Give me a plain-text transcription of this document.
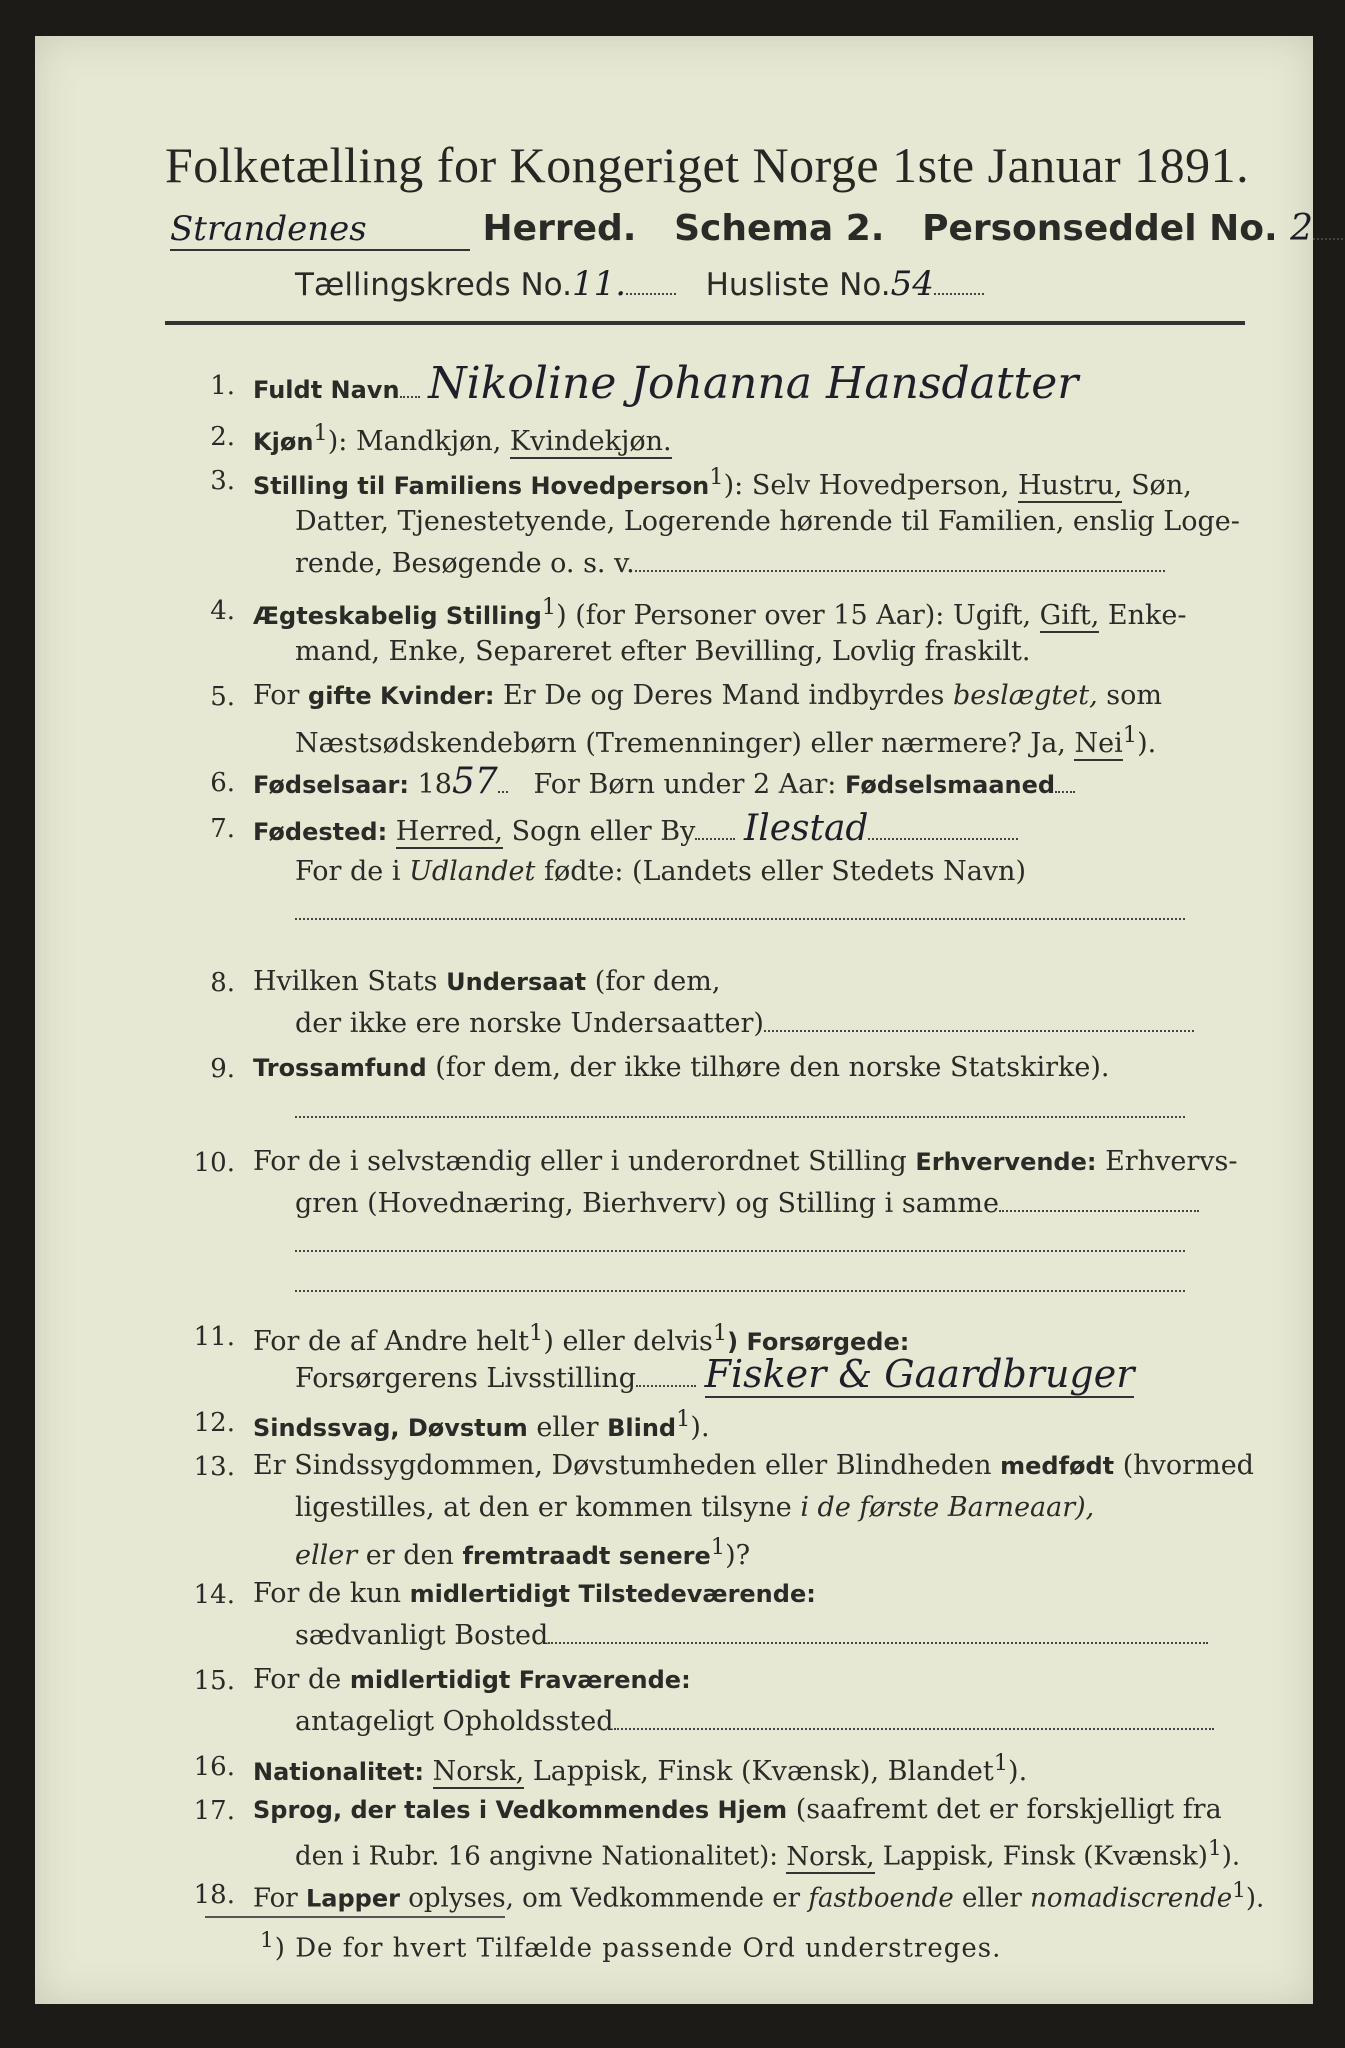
Folketælling for Kongeriget Norge 1ste Januar 1891.
Strandenes	Herred. Schema 2. Personseddel No. 2
Tællingskreds No.11.	Husliste No.54
1. Fuldt Navn Nikoline Johanna Hansdatter
2. Kjøn$^1$): Mandkjøn, Kvindekjøn.
3. Stilling til Familiens Hovedperson$^1$): Selv Hovedperson, Hustru, Søn,
Datter, Tjenestetyende, Logerende hørende til Familien, enslig Loge-
rende, Besøgende o. s. v.
4. Ægteskabelig Stilling$^1$) (for Personer over 15 Aar): Ugift, Gift, Enke-
mand, Enke, Separeret efter Bevilling, Lovlig fraskilt.
5. For gifte Kvinder: Er De og Deres Mand indbyrdes beslægtet, som
Næstsødskendebørn (Tremenninger) eller nærmere? Ja, Nei$^1$).
6. Fødselsaar: 1857 For Børn under 2 Aar: Fødselsmaaned
7. Fødested: Herred, Sogn eller By Ilestad
For de i Udlandet fødte: (Landets eller Stedets Navn)
8. Hvilken Stats Undersaat (for dem,
der ikke ere norske Undersaatter)
9. Trossamfund (for dem, der ikke tilhøre den norske Statskirke).
10. For de i selvstændig eller i underordnet Stilling Erhvervende: Erhvervs-
gren (Hovednæring, Bierhverv) og Stilling i samme
11. For de af Andre helt$^1$) eller delvis$^1$) Forsørgede:
Forsørgerens Livsstilling Fisker & Gaardbruger
12. Sindssvag, Døvstum eller Blind$^1$).
13. Er Sindssygdommen, Døvstumheden eller Blindheden medfødt (hvormed
ligestilles, at den er kommen tilsyne i de første Barneaar),
eller er den fremtraadt senere$^1$)?
14. For de kun midlertidigt Tilstedeværende:
sædvanligt Bosted
15. For de midlertidigt Fraværende:
antageligt Opholdssted
16. Nationalitet: Norsk, Lappisk, Finsk (Kvænsk), Blandet$^1$).
17. Sprog, der tales i Vedkommendes Hjem (saafremt det er forskjelligt fra
den i Rubr. 16 angivne Nationalitet): Norsk, Lappisk, Finsk (Kvænsk)$^1$).
18. For Lapper oplyses, om Vedkommende er fastboende eller nomadiscrende$^1$).
$^1$) De for hvert Tilfælde passende Ord understreges.
